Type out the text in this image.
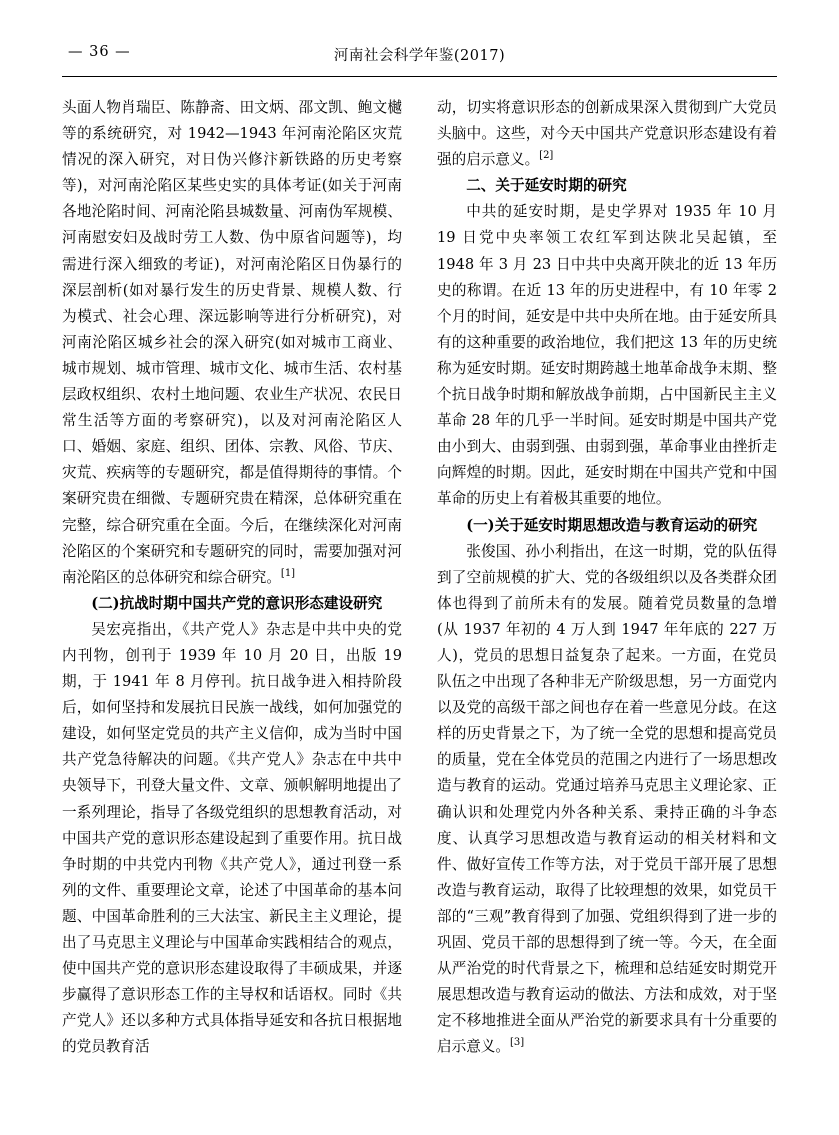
— 36 —	河南社会科学年鉴(2017)

头面人物肖瑞臣、陈静斋、田文炳、邵文凯、鲍文樾等的系统研究，对 1942—1943 年河南沦陷区灾荒情况的深入研究，对日伪兴修汴新铁路的历史考察等)，对河南沦陷区某些史实的具体考证(如关于河南各地沦陷时间、河南沦陷县城数量、河南伪军规模、河南慰安妇及战时劳工人数、伪中原省问题等)，均需进行深入细致的考证)，对河南沦陷区日伪暴行的深层剖析(如对暴行发生的历史背景、规模人数、行为模式、社会心理、深远影响等进行分析研究)，对河南沦陷区城乡社会的深入研究(如对城市工商业、城市规划、城市管理、城市文化、城市生活、农村基层政权组织、农村土地问题、农业生产状况、农民日常生活等方面的考察研究)，以及对河南沦陷区人口、婚姻、家庭、组织、团体、宗教、风俗、节庆、灾荒、疾病等的专题研究，都是值得期待的事情。个案研究贵在细微、专题研究贵在精深，总体研究重在完整，综合研究重在全面。今后，在继续深化对河南沦陷区的个案研究和专题研究的同时，需要加强对河南沦陷区的总体研究和综合研究。[1]

(二)抗战时期中国共产党的意识形态建设研究

吴宏亮指出，《共产党人》杂志是中共中央的党内刊物，创刊于 1939 年 10 月 20 日，出版 19 期，于 1941 年 8 月停刊。抗日战争进入相持阶段后，如何坚持和发展抗日民族一战线，如何加强党的建设，如何坚定党员的共产主义信仰，成为当时中国共产党急待解决的问题。《共产党人》杂志在中共中央领导下，刊登大量文件、文章、颁帜解明地提出了一系列理论，指导了各级党组织的思想教育活动，对中国共产党的意识形态建设起到了重要作用。抗日战争时期的中共党内刊物《共产党人》，通过刊登一系列的文件、重要理论文章，论述了中国革命的基本问题、中国革命胜利的三大法宝、新民主主义理论，提出了马克思主义理论与中国革命实践相结合的观点，使中国共产党的意识形态建设取得了丰硕成果，并逐步赢得了意识形态工作的主导权和话语权。同时《共产党人》还以多种方式具体指导延安和各抗日根据地的党员教育活

动，切实将意识形态的创新成果深入贯彻到广大党员头脑中。这些，对今天中国共产党意识形态建设有着强的启示意义。[2]

二、关于延安时期的研究

中共的延安时期，是史学界对 1935 年 10 月 19 日党中央率领工农红军到达陕北吴起镇，至 1948 年 3 月 23 日中共中央离开陕北的近 13 年历史的称谓。在近 13 年的历史进程中，有 10 年零 2 个月的时间，延安是中共中央所在地。由于延安所具有的这种重要的政治地位，我们把这 13 年的历史统称为延安时期。延安时期跨越土地革命战争末期、整个抗日战争时期和解放战争前期，占中国新民主主义革命 28 年的几乎一半时间。延安时期是中国共产党由小到大、由弱到强、由弱到强，革命事业由挫折走向辉煌的时期。因此，延安时期在中国共产党和中国革命的历史上有着极其重要的地位。

(一)关于延安时期思想改造与教育运动的研究

张俊国、孙小利指出，在这一时期，党的队伍得到了空前规模的扩大、党的各级组织以及各类群众团体也得到了前所未有的发展。随着党员数量的急增(从 1937 年初的 4 万人到 1947 年年底的 227 万人)，党员的思想日益复杂了起来。一方面，在党员队伍之中出现了各种非无产阶级思想，另一方面党内以及党的高级干部之间也存在着一些意见分歧。在这样的历史背景之下，为了统一全党的思想和提高党员的质量，党在全体党员的范围之内进行了一场思想改造与教育的运动。党通过培养马克思主义理论家、正确认识和处理党内外各种关系、秉持正确的斗争态度、认真学习思想改造与教育运动的相关材料和文件、做好宣传工作等方法，对于党员干部开展了思想改造与教育运动，取得了比较理想的效果，如党员干部的“三观”教育得到了加强、党组织得到了进一步的巩固、党员干部的思想得到了统一等。今天，在全面从严治党的时代背景之下，梳理和总结延安时期党开展思想改造与教育运动的做法、方法和成效，对于坚定不移地推进全面从严治党的新要求具有十分重要的启示意义。[3]
